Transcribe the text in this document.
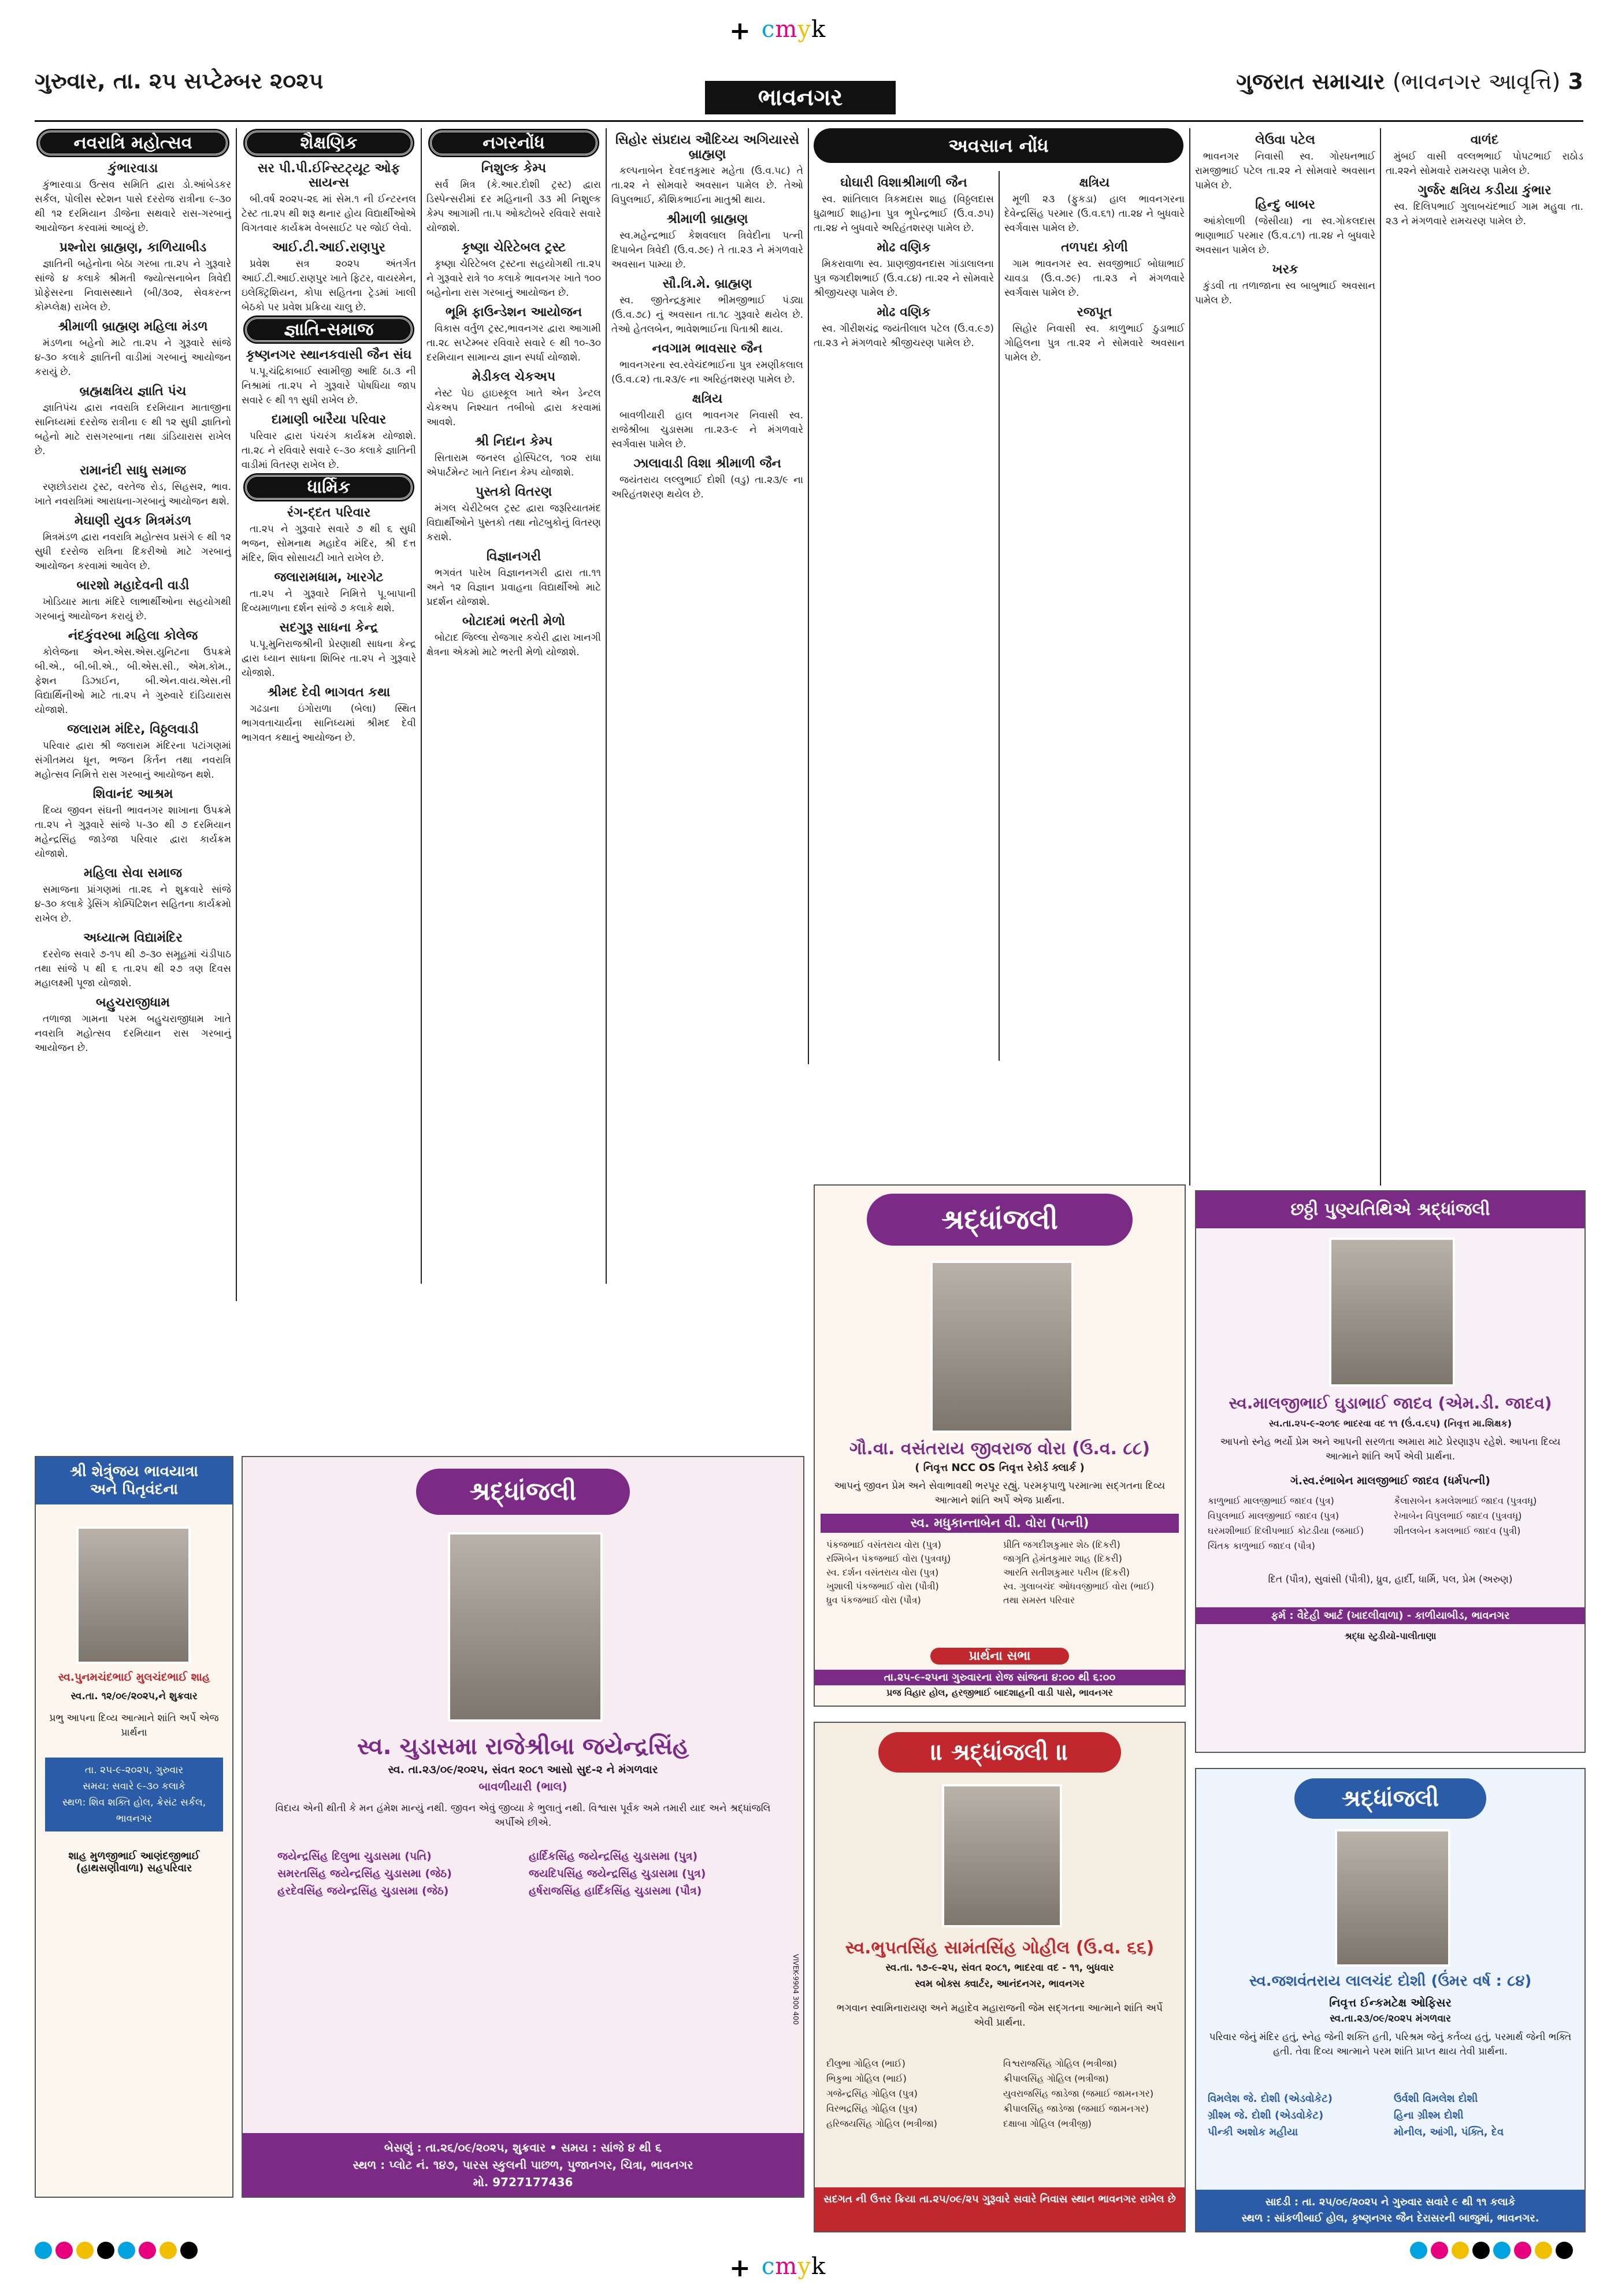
+ cmyk
ગુરુવાર, તા. ૨૫ સપ્ટેમ્બર ૨૦૨૫
ભાવનગર
ગુજરાત સમાચાર (ભાવનગર આવૃત્તિ) 3
નવરાત્રિ મહોત્સવ
કુંભારવાડા

કુંભારવાડા ઉત્સવ સમિતિ દ્વારા ડો.આંબેડકર સર્કલ, પોલીસ સ્ટેશન પાસે દરરોજ રાત્રીના ૯-૩૦ થી ૧૨ દરમિયાન ડીજેના સથવારે રાસ-ગરબાનું આયોજન કરવામાં આવ્યું છે.

પ્રશ્નોરા બ્રાહ્મણ, કાળિયાબીડ

જ્ઞાતિની બહેનોના બેઠા ગરબા તા.૨૫ ને ગુરૂવારે સાંજે ૪ કલાકે શ્રીમતી જ્યોત્સનાબેન ત્રિવેદી પ્રોફેસરના નિવાસસ્થાને (બી/૩૦૨, સેવકરત્ન કોમ્પ્લેક્ષ) રાખેલ છે.

શ્રીમાળી બ્રાહ્મણ મહિલા મંડળ

મંડળના બહેનો માટે તા.૨૫ ને ગુરૂવારે સાંજે ૪-૩૦ કલાકે જ્ઞાતિની વાડીમાં ગરબાનું આયોજન કરાયું છે.

બ્રહ્મક્ષત્રિય જ્ઞાતિ પંચ

જ્ઞાતિપંચ દ્વારા નવરાત્રિ દરમિયાન માતાજીના સાનિધ્યમાં દરરોજ રાત્રીના ૯ થી ૧૨ સુધી જ્ઞાતિનો બહેનો માટે રાસગરબાના તથા ડાંડિયારાસ રાખેલ છે.

રામાનંદી સાધુ સમાજ

રણછોડરાય ટ્રસ્ટ, વરતેજ રોડ, સિહસ૨, ભાવ. ખાતે નવરાત્રિમાં આરાધના-ગરબાનું આયોજન થશે.

મેઘાણી યુવક મિત્રમંડળ

મિત્રમંડળ દ્વારા નવરાત્રિ મહોત્સવ પ્રસંગે ૯ થી ૧૨ સુધી દરરોજ રાત્રિના દિકરીઓ માટે ગરબાનું આયોજન કરવામાં આવેલ છે.

બારશો મહાદેવની વાડી

ખોડિયાર માતા મંદિરે લાભાર્થીઓના સહયોગથી ગરબાનું આયોજન કરાયું છે.

નંદકુંવરબા મહિલા કોલેજ

કોલેજના એન.એસ.એસ.યુનિટના ઉપક્રમે બી.એ., બી.બી.એ., બી.એસ.સી., એમ.કોમ., ફેશન ડિઝાઈન, બી.એન.વાય.એસ.ની વિદ્યાર્થિનીઓ માટે તા.૨૫ ને ગુરુવારે દાંડિયારાસ યોજાશે.

જલારામ મંદિર, વિઠ્ઠલવાડી

પરિવાર દ્વારા શ્રી જલારામ મંદિરના પટાંગણમાં સંગીતમય ધૂન, ભજન કિર્તન તથા નવરાત્રિ મહોત્સવ નિમિત્તે રાસ ગરબાનું આયોજન થશે.

શિવાનંદ આશ્રમ

દિવ્ય જીવન સંઘની ભાવનગર શાખાના ઉપક્રમે તા.૨૫ ને ગુરૂવારે સાંજે ૫-૩૦ થી ૭ દરમિયાન મહેન્દ્રસિંહ જાડેજા પરિવાર દ્વારા કાર્યક્રમ યોજાશે.

મહિલા સેવા સમાજ

સમાજના પ્રાંગણમાં તા.૨૬ ને શુક્રવારે સાંજે ૪-૩૦ કલાકે ડ્રેસિંગ કોમ્પિટિશન સહિતના કાર્યક્રમો રાખેલ છે.

અધ્યાત્મ વિદ્યામંદિર

દરરોજ સવારે ૭-૧૫ થી ૭-૩૦ સમૂહમાં ચંડીપાઠ તથા સાંજે ૫ થી ૬ તા.૨૫ થી ૨૭ ત્રણ દિવસ મહાલક્ષ્મી પૂજા યોજાશે.

બહુચરાજીધામ

તળાજા ગામના પરમ બહુચરાજીધામ ખાતે નવરાત્રિ મહોત્સવ દરમિયાન રાસ ગરબાનું આયોજન છે.

શૈક્ષણિક
સર પી.પી.ઈન્સ્ટિટ્યૂટ ઓફ સાયન્સ

બી.વર્ષ ૨૦૨૫-૨૬ માં સેમ.૧ ની ઈન્ટરનલ ટેસ્ટ તા.૨૫ થી શરૂ થનાર હોય વિદ્યાર્થીઓએ વિગતવાર કાર્યક્રમ વેબસાઈટ પર જોઈ લેવો.

આઈ.ટી.આઈ.રાણપુર

પ્રવેશ સત્ર ૨૦૨૫ અંતર્ગત આઈ.ટી.આઈ.રાણપુર ખાતે ફિટર, વાયરમેન, ઇલેક્ટ્રિશિયન, કોપા સહિતના ટ્રેડમાં ખાલી બેઠકો પર પ્રવેશ પ્રક્રિયા ચાલુ છે.

જ્ઞાતિ-સમાજ
કૃષ્ણનગર સ્થાનકવાસી જૈન સંઘ

પ.પૂ.ચંદ્રિકાબાઈ સ્વામીજી આદિ ઠા.૩ ની નિશ્રામાં તા.૨૫ ને ગુરૂવારે પોષધિયા જાપ સવારે ૯ થી ૧૧ સુધી રાખેલ છે.

દામાણી બારૈયા પરિવાર

પરિવાર દ્વારા પંચરંગ કાર્યક્રમ યોજાશે. તા.૨૮ ને રવિવારે સવારે ૯-૩૦ કલાકે જ્ઞાતિની વાડીમાં વિતરણ રાખેલ છે.

ધાર્મિક
રંગ-દ્દત પરિવાર

તા.૨૫ ને ગુરૂવારે સવારે ૭ થી ૬ સુધી ભજન, સોમનાથ મહાદેવ મંદિર, શ્રી દત્ત મંદિર, શિવ સોસાયટી ખાતે રાખેલ છે.

જલારામધામ, ખારગેટ

તા.૨૫ ને ગુરૂવારે નિમિત્તે પૂ.બાપાની દિવ્યમાળાના દર્શન સાંજે ૭ કલાકે થશે.

સદગુરૂ સાધના કેન્દ્ર

પ.પૂ.મુનિરાજશ્રીની પ્રેરણાથી સાધના કેન્દ્ર દ્વારા ધ્યાન સાધના શિબિર તા.૨૫ ને ગુરૂવારે યોજાશે.

શ્રીમદ દેવી ભાગવત કથા

ગઢડાના ઇંગોરાળા (બેલા) સ્થિત ભાગવતાચાર્યના સાનિધ્યમાં શ્રીમદ દેવી ભાગવત કથાનું આયોજન છે.

નગરનોંધ
નિશુલ્ક કેમ્પ

સર્વ મિત્ર (કે.આર.દોશી ટ્રસ્ટ) દ્વારા ડિસ્પેન્સરીમાં દર મહિનાની ૩૩ મી નિશુલ્ક કેમ્પ આગામી તા.૫ ઓક્ટોબરે રવિવારે સવારે યોજાશે.

કૃષ્ણા ચેરિટેબલ ટ્રસ્ટ

કૃષ્ણા ચેરિટેબલ ટ્રસ્ટના સહયોગથી તા.૨૫ ને ગુરૂવારે રાત્રે ૧૦ કલાકે ભાવનગર ખાતે ૧૦૦ બહેનોના રાસ ગરબાનું આયોજન છે.

ભૂમિ ફાઉન્ડેશન આયોજન

વિકાસ વર્તુળ ટ્રસ્ટ,ભાવનગર દ્વારા આગામી તા.૨૮ સપ્ટેમ્બર રવિવારે સવારે ૯ થી ૧૦-૩૦ દરમિયાન સામાન્ય જ્ઞાન સ્પર્ધા યોજાશે.

મેડીકલ ચેકઅપ

નેસ્ટ પેઇ હાઇસ્કૂલ ખાતે એન ડેન્ટલ ચેકઅપ નિશ્ચાત તબીબો દ્વારા કરવામાં આવશે.

શ્રી નિદાન કેમ્પ

સિતારામ જનરલ હોસ્પિટલ, ૧૦૨ રાધા એપાર્ટમેન્ટ ખાતે નિદાન કેમ્પ યોજાશે.

પુસ્તકો વિતરણ

મંગલ ચેરીટેબલ ટ્રસ્ટ દ્વારા જરૂરિયાતમંદ વિદ્યાર્થીઓને પુસ્તકો તથા નોટબુકોનું વિતરણ કરાશે.

વિજ્ઞાનગરી

ભગવંત પારેખ વિજ્ઞાનનગરી દ્વારા તા.૧૧ અને ૧૨ વિજ્ઞાન પ્રવાહના વિદ્યાર્થીઓ માટે પ્રદર્શન યોજાશે.

બોટાદમાં ભરતી મેળો

બોટાદ જિલ્લા રોજગાર કચેરી દ્વારા ખાનગી ક્ષેત્રના એકમો માટે ભરતી મેળો યોજાશે.

સિહોર સંપ્રદાય ઔદિચ્ય અગિયારસે બ્રાહ્મણ

કલ્પનાબેન દેવદત્તકુમાર મહેતા (ઉ.વ.૫૮) તે તા.૨૨ ને સોમવારે અવસાન પામેલ છે. તેઓ વિપુલભાઈ, કૌશિકભાઈના માતુશ્રી થાય.

શ્રીમાળી બ્રાહ્મણ

સ્વ.મહેન્દ્રભાઈ કેશવલાલ ત્રિવેદીના પત્ની દિપાબેન ત્રિવેદી (ઉ.વ.૭૯) તે તા.૨૩ ને મંગળવારે અવસાન પામ્યા છે.

સૌ.ત્રિ.મે. બ્રાહ્મણ

સ્વ. જીતેન્દ્રકુમાર ભીમજીભાઈ પંડ્યા (ઉ.વ.૭૮) નું અવસાન તા.૧૮ ગુરૂવારે થયેલ છે. તેઓ હેતલબેન, ભાવેશભાઈના પિતાશ્રી થાય.

નવગામ ભાવસાર જૈન

ભાવનગરના સ્વ.રવેચંદભાઈના પુત્ર રમણીકલાલ (ઉ.વ.૮૨) તા.૨૩/૯ ના અરિહંતશરણ પામેલ છે.

ક્ષત્રિય

બાવળીયારી હાલ ભાવનગર નિવાસી સ્વ. રાજેશ્રીબા ચુડાસમા તા.૨૩-૯ ને મંગળવારે સ્વર્ગવાસ પામેલ છે.

ઝાલાવાડી વિશા શ્રીમાળી જૈન

જયંતરાય લલ્લુભાઈ દોશી (વડુ) તા.૨૩/૯ ના અરિહંતશરણ થયેલ છે.

અવસાન નોંધ
ઘોઘારી વિશાશ્રીમાળી જૈન

સ્વ. શાંતિલાલ ત્રિકમદાસ શાહ (વિઠ્ઠલદાસ ધુઢાભાઈ શાહ)ના પુત્ર ભૂપેન્દ્રભાઈ (ઉ.વ.૭૫) તા.૨૪ ને બુધવારે અરિહંતશરણ પામેલ છે.

મોઢ વણિક

મિકરાવાળા સ્વ. પ્રાણજીવનદાસ ગાંડાલાલના પુત્ર જગદીશભાઈ (ઉ.વ.૮૪) તા.૨૨ ને સોમવારે શ્રીજીચરણ પામેલ છે.

મોઢ વણિક

સ્વ. ગીરીશચંદ્ર જયંતીલાલ પટેલ (ઉ.વ.૯૭) તા.૨૩ ને મંગળવારે શ્રીજીચરણ પામેલ છે.

ક્ષત્રિય

મૂળી ૨૩ (ફુકડા) હાલ ભાવનગરના દેવેન્દ્રસિંહ પરમાર (ઉ.વ.૬૧) તા.૨૪ ને બુધવારે સ્વર્ગવાસ પામેલ છે.

તળપદા કોળી

ગામ ભાવનગર સ્વ. સવજીભાઈ બોઘાભાઈ ચાવડા (ઉ.વ.૭૯) તા.૨૩ ને મંગળવારે સ્વર્ગવાસ પામેલ છે.

રજપૂત

સિહોર નિવાસી સ્વ. કાળુભાઈ ઠુડાભાઈ ગોહિલના પુત્ર તા.૨૨ ને સોમવારે અવસાન પામેલ છે.

લેઉવા પટેલ

ભાવનગર નિવાસી સ્વ. ગોરધનભાઈ રામજીભાઈ પટેલ તા.૨૨ ને સોમવારે અવસાન પામેલ છે.

હિન્દુ બાબર

આંકોલાળી (જેસીયા) ના સ્વ.ગોકલદાસ ભાણાભાઈ પરમાર (ઉ.વ.૮૧) તા.૨૪ ને બુધવારે અવસાન પામેલ છે.

ખરક

કુંડવી તા તળાજાના સ્વ બાબુભાઈ અવસાન પામેલ છે.

વાળંદ

મુંબઈ વાસી વલ્લભભાઈ પોપટભાઈ રાઠોડ તા.૨૨ને સોમવારે રામચરણ પામેલ છે.

ગુર્જર ક્ષત્રિય કડીયા કુંભાર

સ્વ. દિલિપભાઈ ગુલાબચંદભાઈ ગામ મહુવા તા. ૨૩ ને મંગળવારે રામચરણ પામેલ છે.

શ્રદ્ધાંજલી
ગૌ.વા. વસંતરાય જીવરાજ વોરા (ઉ.વ. ૮૮)
( નિવૃત્ત NCC OS નિવૃત્ત રેકોર્ડ ક્લાર્ક )
આપનું જીવન પ્રેમ અને સેવાભાવથી ભરપૂર રહ્યું. પરમકૃપાળુ પરમાત્મા સદ્ગતના દિવ્ય આત્માને શાંતિ અર્પે એજ પ્રાર્થના.
સ્વ. મધુકાન્તાબેન વી. વોરા (પત્ની)
પંકજભાઈ વસંતરાય વોરા (પુત્ર)	પ્રીતિ જગદીશકુમાર શેઠ (દિકરી)
રશ્મિબેન પંકજભાઈ વોરા (પુત્રવધૂ)	જાગૃતિ હેમંતકુમાર શાહ (દિકરી)
સ્વ. દર્શન વસંતરાય વોરા (પુત્ર)	આરતિ સતીશકુમાર પરીખ (દિકરી)
ખુશાલી પંકજભાઈ વોરા (પૌત્રી)	સ્વ. ગુલાબચંદ ઓધવજીભાઈ વોરા (ભાઈ)
ધ્રુવ પંકજભાઈ વોરા (પૌત્ર)	તથા સમસ્ત પરિવાર
પ્રાર્થના સભા
તા.૨૫-૯-૨૫ના ગુરુવારના રોજ સાંજના ૪:૦૦ થી ૬:૦૦
પ્રજ વિહાર હોલ, હરજીભાઈ બાદશાહની વાડી પાસે, ભાવનગર
॥ શ્રદ્ધાંજલી ॥
સ્વ.ભુપતસિંહ સામંતસિંહ ગોહીલ (ઉ.વ. ૬૬)
સ્વ.તા. ૧૭-૯-૨૫, સંવત ૨૦૮૧, ભાદરવા વદ - ૧૧, બુધવાર
સ્વમ બોક્સ ક્વાર્ટર, આનંદનગર, ભાવનગર
ભગવાન સ્વામિનારાયણ અને મહાદેવ મહારાજની જેમ સદ્ગતના આત્માને શાંતિ અર્પે એવી પ્રાર્થના.
દીલુભા ગોહિલ (ભાઈ)	વિશ્વરાજસિંહ ગોહિલ (ભત્રીજા)
ભિકુભા ગોહિલ (ભાઈ)	ક્રીપાલસિંહ ગોહિલ (ભત્રીજા)
ગજેન્દ્રસિંહ ગોહિલ (પુત્ર)	યુવરાજસિંહ જાડેજા (જમાઈ જામનગર)
વિરભદ્રસિંહ ગોહિલ (પુત્ર)	ક્રીપાલસિંહ જાડેજા (જમાઈ જામનગર)
હરિજયસિંહ ગોહિલ (ભત્રીજા)	દક્ષાબા ગોહિલ (ભત્રીજી)
સદગત ની ઉત્તર ક્રિયા તા.૨૫/૦૯/૨૫ ગુરૂવારે સવારે નિવાસ સ્થાન ભાવનગર રાખેલ છે
શ્રી શેત્રુંજય ભાવયાત્રા
અને પિતૃવંદના
સ્વ.પુનમચંદભાઈ મુલચંદભાઈ શાહ
સ્વ.તા. ૧૨/૦૯/૨૦૨૫,ને શુક્રવાર
પ્રભુ આપના દિવ્ય આત્માને શાંતિ અર્પે એજ પ્રાર્થના
તા. ૨૫-૯-૨૦૨૫, ગુરુવાર
સમય: સવારે ૯-૩૦ કલાકે
સ્થળ: શિવ શક્તિ હોલ, ક્રેસંટ સર્કલ, ભાવનગર
શાહ મુળજીભાઈ આણંદજીભાઈ (હાથસણીવાળા) સહપરિવાર
શ્રદ્ધાંજલી
સ્વ. ચુડાસમા રાજેશ્રીબા જયેન્દ્રસિંહ
સ્વ. તા.૨૩/૦૯/૨૦૨૫, સંવત ૨૦૮૧ આસો સુદ-૨ ને મંગળવાર
બાવળીયારી (ભાલ)
વિદાય એની થીતી કે મન હંમેશ માન્યું નથી. જીવન એવું જીવ્યા કે ભુલાતું નથી. વિશ્વાસ પૂર્વક અમે તમારી યાદ અને શ્રદ્ધાંજલિ અર્પીએ છીએ.
જયેન્દ્રસિંહ દિલુભા ચુડાસમા (પતિ)	હાર્દિકસિંહ જયેન્દ્રસિંહ ચુડાસમા (પુત્ર)
સમરતસિંહ જયેન્દ્રસિંહ ચુડાસમા (જેઠ)	જયદિપસિંહ જયેન્દ્રસિંહ ચુડાસમા (પુત્ર)
હરદેવસિંહ જયેન્દ્રસિંહ ચુડાસમા (જેઠ)	હર્ષરાજસિંહ હાર્દિકસિંહ ચુડાસમા (પૌત્ર)
બેસણું : તા.૨૬/૦૯/૨૦૨૫, શુક્રવાર • સમય : સાંજે ૪ થી ૬
સ્થળ : પ્લોટ નં. ૧૪૭, પારસ સ્કુલની પાછળ, પુજાનગર, ચિત્રા, ભાવનગર
મો. 9727177436
VIVEK-9904 300 400
છઠ્ઠી પુણ્યતિથિએ શ્રદ્ધાંજલી
સ્વ.માલજીભાઈ ઘુડાભાઈ જાદવ (એમ.ડી. જાદવ)
સ્વ.તા.૨૫-૯-૨૦૧૯ ભાદરવા વદ ૧૧ (ઉં.વ.૬૫) (નિવૃત્ત મા.શિક્ષક)
આપનો સ્નેહ ભર્યો પ્રેમ અને આપની સરળતા અમારા માટે પ્રેરણારૂપ રહેશે. આપના દિવ્ય આત્માને શાંતિ અર્પે એવી પ્રાર્થના.
ગં.સ્વ.રંભાબેન માલજીભાઈ જાદવ (ધર્મપત્ની)
કાળુભાઈ માલજીભાઈ જાદવ (પુત્ર)	કૈલાસબેન કમલેશભાઈ જાદવ (પુત્રવધૂ)
વિપુલભાઈ માલજીભાઈ જાદવ (પુત્ર)	રેખાબેન વિપુલભાઈ જાદવ (પુત્રવધૂ)
ઘરમશીભાઈ દિલીપભાઈ કોટડીયા (જમાઈ)	શીતલબેન કમલભાઈ જાદવ (પુત્રી)
ચિંતક કાળુભાઈ જાદવ (પૌત્ર)
દિત (પૌત્ર), સુવાંસી (પૌત્રી), ધ્રુવ, હાર્દી, ધાર્મિ, પલ, પ્રેમ (અરુણ)
ફર્મ : વૈદેહી આર્ટ (ખાદલીવાળા) - કાળીયાબીડ, ભાવનગર
શ્રદ્ધા સ્ટુડીયો-પાલીતાણા
શ્રદ્ધાંજલી
સ્વ.જશવંતરાય લાલચંદ દોશી (ઉંમર વર્ષ : ૮૪)
નિવૃત્ત ઈન્કમટેક્ષ ઓફિસર
સ્વ.તા.૨૩/૦૯/૨૦૨૫ મંગળવાર
પરિવાર જેનું મંદિર હતું, સ્નેહ જેની શક્તિ હતી, પરિશ્રમ જેનું કર્તવ્ય હતું, પરમાર્થ જેની ભક્તિ હતી. તેવા દિવ્ય આત્માને પરમ શાંતિ પ્રાપ્ત થાય તેવી પ્રાર્થના.
વિમલેશ જે. દોશી (એડવોકેટ)	ઉર્વશી વિમલેશ દોશી
ગ્રીશ્મ જે. દોશી (એડવોકેટ)	હિના ગ્રીશ્મ દોશી
પીન્કી અશોક મહીયા	મોનીલ, આંગી, પંક્તિ, દેવ
સાદડી : તા. ૨૫/૦૯/૨૦૨૫ ને ગુરુવાર સવારે ૯ થી ૧૧ કલાકે
સ્થળ : સાંકળીબાઈ હોલ, કૃષ્ણનગર જૈન દેરાસરની બાજુમાં, ભાવનગર.
+ cmyk
